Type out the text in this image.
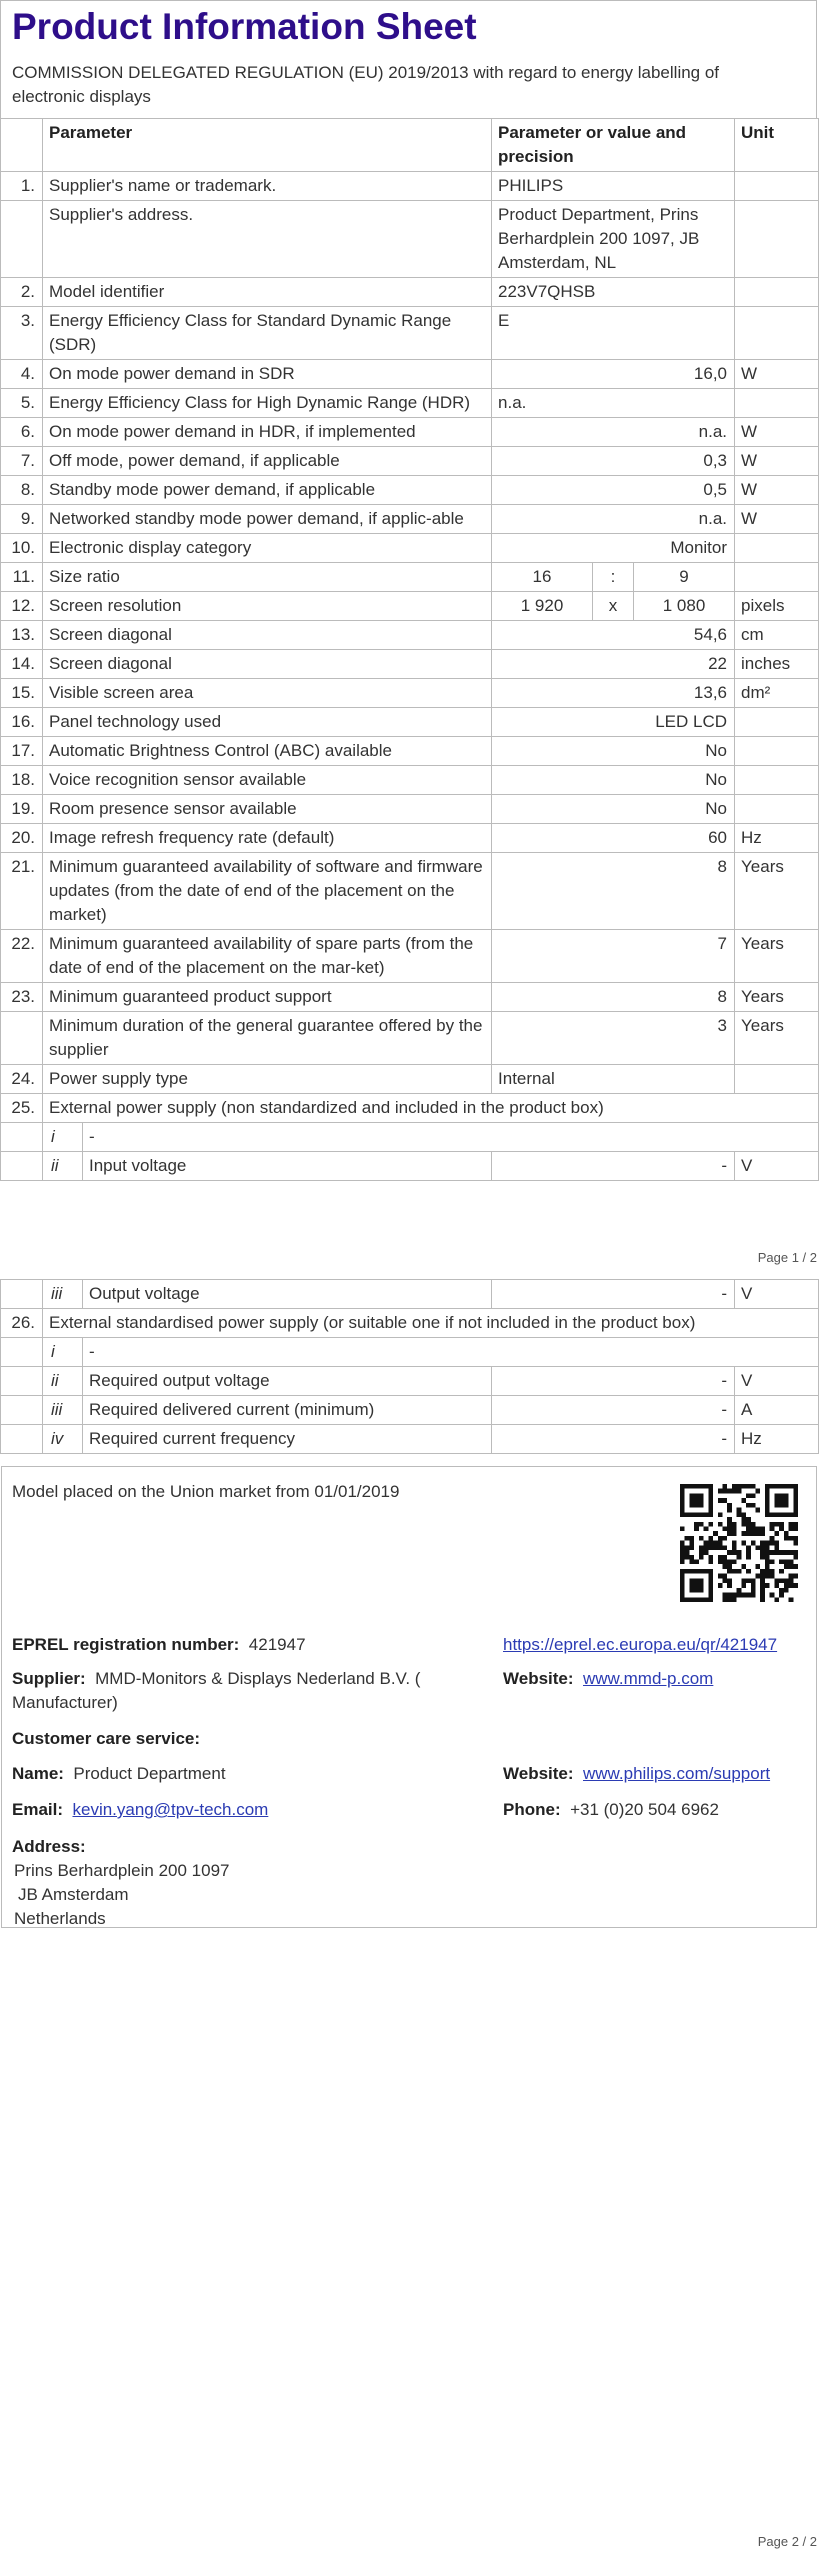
Product Information Sheet
COMMISSION DELEGATED REGULATION (EU) 2019/2013 with regard to energy labelling of electronic displays
	Parameter		Parameter or value and precision			Unit
1.	Supplier's name or trademark.		PHILIPS			
	Supplier's address.		Product Department, Prins Berhardplein 200 1097, JB Amsterdam, NL			
2.	Model identifier		223V7QHSB			
3.	Energy Efficiency Class for Standard Dynamic Range (SDR)		E			
4.	On mode power demand in SDR		16,0			W
5.	Energy Efficiency Class for High Dynamic Range (HDR)		n.a.			
6.	On mode power demand in HDR, if implemented		n.a.			W
7.	Off mode, power demand, if applicable		0,3			W
8.	Standby mode power demand, if applicable		0,5			W
9.	Networked standby mode power demand, if applic-able		n.a.			W
10.	Electronic display category		Monitor			
11.	Size ratio		16	:	9	
12.	Screen resolution		1 920	x	1 080	pixels
13.	Screen diagonal		54,6			cm
14.	Screen diagonal		22			inches
15.	Visible screen area		13,6			dm²
16.	Panel technology used		LED LCD			
17.	Automatic Brightness Control (ABC) available		No			
18.	Voice recognition sensor available		No			
19.	Room presence sensor available		No			
20.	Image refresh frequency rate (default)		60			Hz
21.	Minimum guaranteed availability of software and firmware updates (from the date of end of the placement on the market)		8			Years
22.	Minimum guaranteed availability of spare parts (from the date of end of the placement on the mar-ket)		7			Years
23.	Minimum guaranteed product support		8			Years
	Minimum duration of the general guarantee offered by the supplier		3			Years
24.	Power supply type		Internal			
25.	External power supply (non standardized and included in the product box)					
	i	-				
	ii	Input voltage	-			V
Page 1 / 2
	iii	Output voltage	-	V
26.	External standardised power supply (or suitable one if not included in the product box)			
	i	-		
	ii	Required output voltage	-	V
	iii	Required delivered current (minimum)	-	A
	iv	Required current frequency	-	Hz
Model placed on the Union market from 01/01/2019
EPREL registration number: 421947	https://eprel.ec.europa.eu/qr/421947
Supplier: MMD-Monitors & Displays Nederland B.V. (
Manufacturer)
Website: www.mmd-p.com
Customer care service:
Name: Product Department	Website: www.philips.com/support
Email: kevin.yang@tpv-tech.com	Phone: +31 (0)20 504 6962
Address:
Prins Berhardplein 200 1097
JB Amsterdam
Netherlands
Page 2 / 2
